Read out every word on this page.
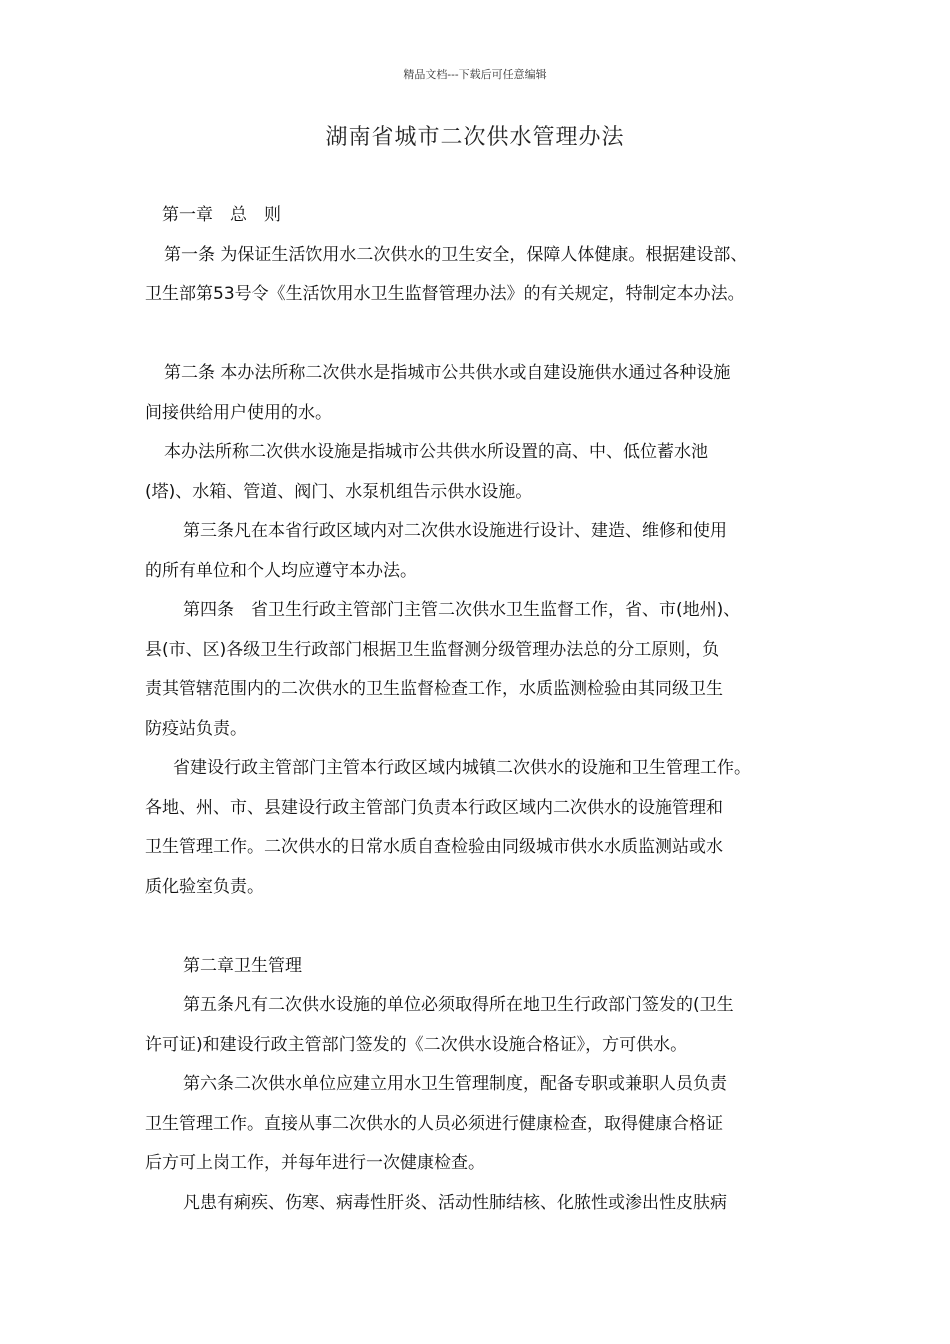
精品文档---下载后可任意编辑
湖南省城市二次供水管理办法
第一章　总　则
第一条 为保证生活饮用水二次供水的卫生安全，保障人体健康。根据建设部、
卫生部第53号令《生活饮用水卫生监督管理办法》的有关规定，特制定本办法。
第二条 本办法所称二次供水是指城市公共供水或自建设施供水通过各种设施
间接供给用户使用的水。
本办法所称二次供水设施是指城市公共供水所设置的高、中、低位蓄水池
(塔)、水箱、管道、阀门、水泵机组告示供水设施。
第三条凡在本省行政区域内对二次供水设施进行设计、建造、维修和使用
的所有单位和个人均应遵守本办法。
第四条　省卫生行政主管部门主管二次供水卫生监督工作，省、市(地州)、
县(市、区)各级卫生行政部门根据卫生监督测分级管理办法总的分工原则，负
责其管辖范围内的二次供水的卫生监督检查工作，水质监测检验由其同级卫生
防疫站负责。
省建设行政主管部门主管本行政区域内城镇二次供水的设施和卫生管理工作。
各地、州、市、县建设行政主管部门负责本行政区域内二次供水的设施管理和
卫生管理工作。二次供水的日常水质自查检验由同级城市供水水质监测站或水
质化验室负责。
第二章卫生管理
第五条凡有二次供水设施的单位必须取得所在地卫生行政部门签发的(卫生
许可证)和建设行政主管部门签发的《二次供水设施合格证》，方可供水。
第六条二次供水单位应建立用水卫生管理制度，配备专职或兼职人员负责
卫生管理工作。直接从事二次供水的人员必须进行健康检查，取得健康合格证
后方可上岗工作，并每年进行一次健康检查。
凡患有痢疾、伤寒、病毒性肝炎、活动性肺结核、化脓性或渗出性皮肤病
